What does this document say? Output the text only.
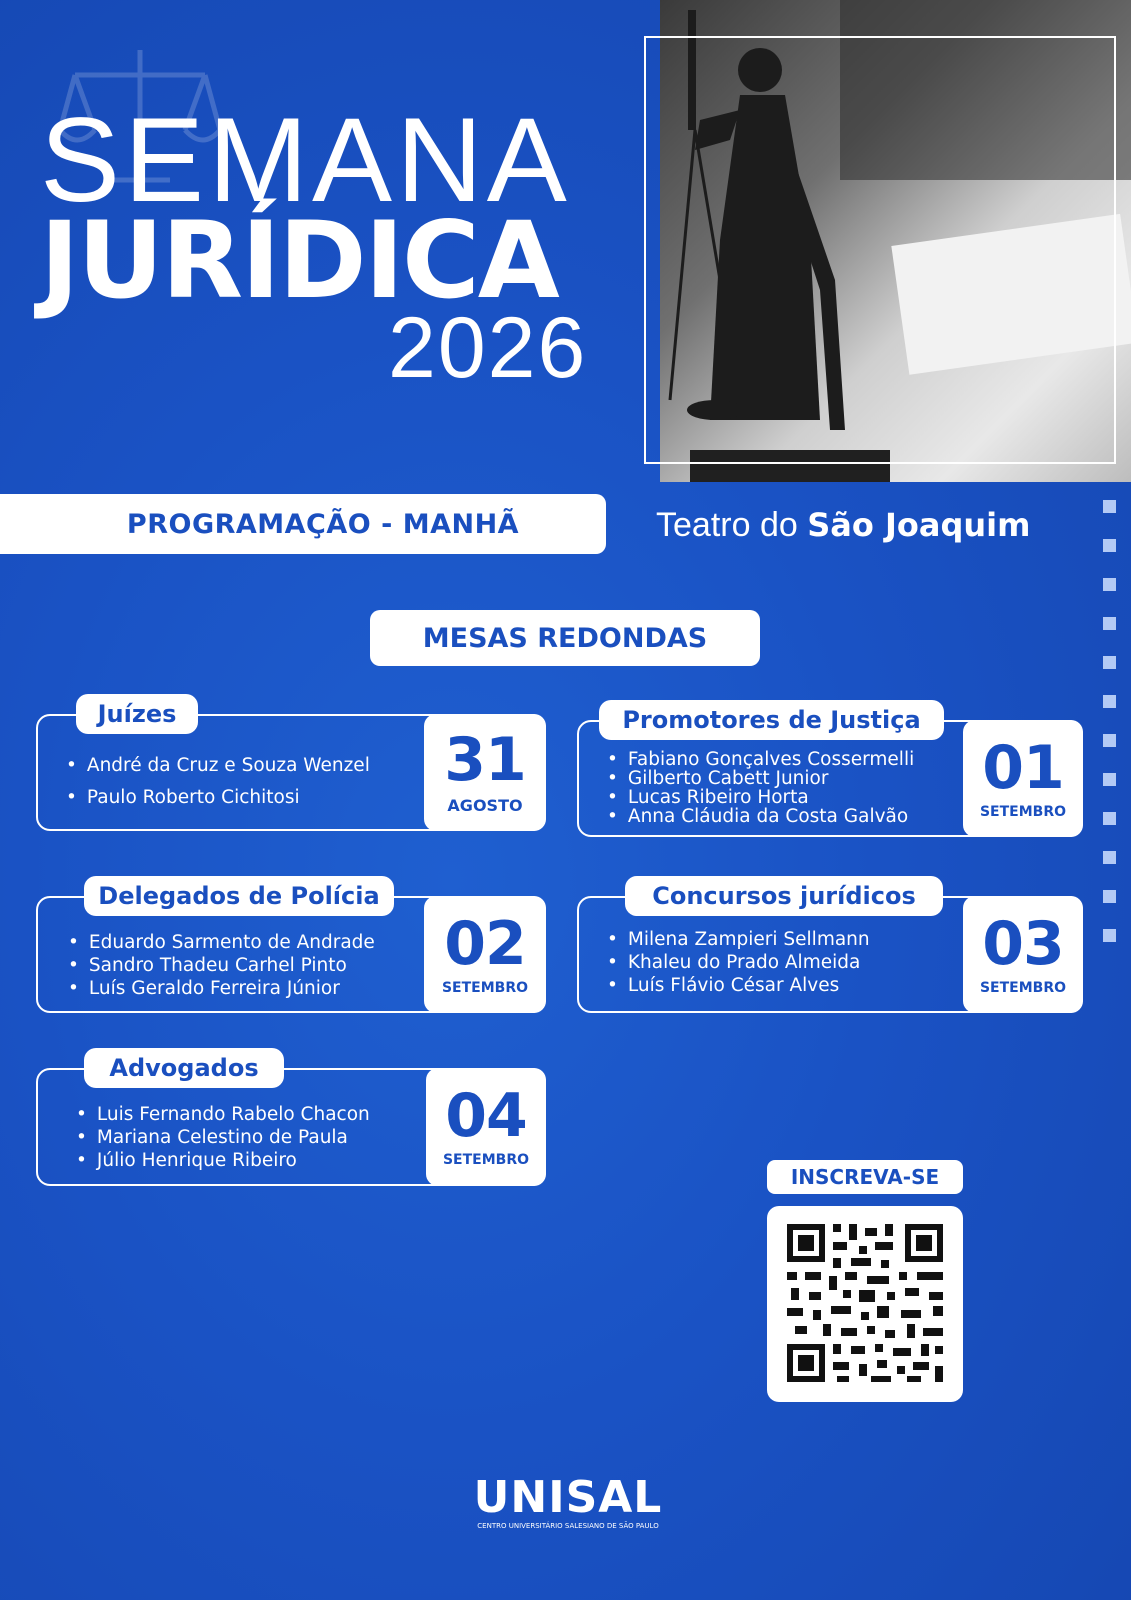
SEMANA
JURÍDICA
2026
PROGRAMAÇÃO - MANHÃ	Teatro do São Joaquim
MESAS REDONDAS
Juízes
• André da Cruz e Souza Wenzel
• Paulo Roberto Cichitosi
31
AGOSTO
Promotores de Justiça
• Fabiano Gonçalves Cossermelli
• Gilberto Cabett Junior
• Lucas Ribeiro Horta
• Anna Cláudia da Costa Galvão
01
SETEMBRO
Delegados de Polícia
• Eduardo Sarmento de Andrade
• Sandro Thadeu Carhel Pinto
• Luís Geraldo Ferreira Júnior
02
SETEMBRO
Concursos jurídicos
• Milena Zampieri Sellmann
• Khaleu do Prado Almeida
• Luís Flávio César Alves
03
SETEMBRO
Advogados
• Luis Fernando Rabelo Chacon
• Mariana Celestino de Paula
• Júlio Henrique Ribeiro
04
SETEMBRO
INSCREVA-SE
UNISAL
CENTRO UNIVERSITÁRIO SALESIANO DE SÃO PAULO
